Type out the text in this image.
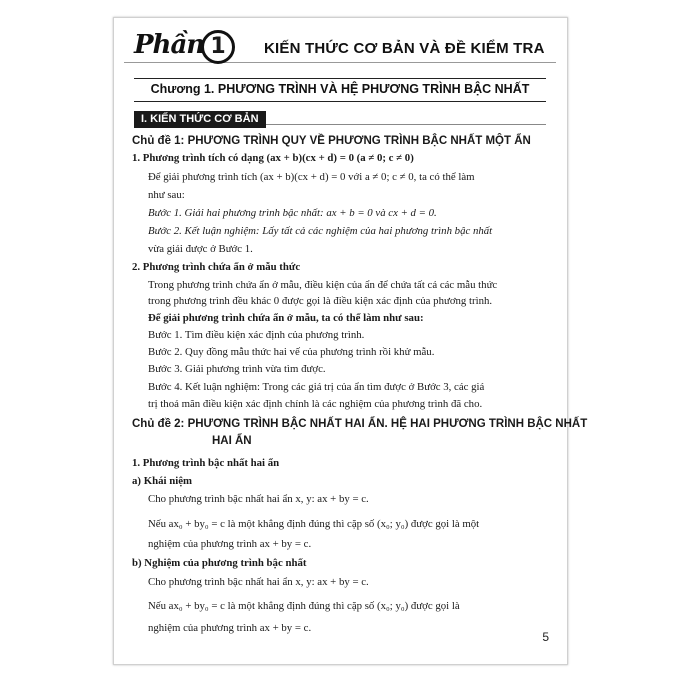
Phần 1	KIẾN THỨC CƠ BẢN VÀ ĐỀ KIỂM TRA
Chương 1. PHƯƠNG TRÌNH VÀ HỆ PHƯƠNG TRÌNH BẬC NHẤT
I. KIẾN THỨC CƠ BẢN
Chủ đề 1: PHƯƠNG TRÌNH QUY VỀ PHƯƠNG TRÌNH BẬC NHẤT MỘT ẨN
1. Phương trình tích có dạng (ax + b)(cx + d) = 0 (a ≠ 0; c ≠ 0)
Để giải phương trình tích (ax + b)(cx + d) = 0 với a ≠ 0; c ≠ 0, ta có thể làm
như sau:
Bước 1. Giải hai phương trình bậc nhất: ax + b = 0 và cx + d = 0.
Bước 2. Kết luận nghiệm: Lấy tất cả các nghiệm của hai phương trình bậc nhất
vừa giải được ở Bước 1.
2. Phương trình chứa ẩn ở mẫu thức
Trong phương trình chứa ẩn ở mẫu, điều kiện của ẩn để chứa tất cả các mẫu thức
trong phương trình đều khác 0 được gọi là điều kiện xác định của phương trình.
Để giải phương trình chứa ẩn ở mẫu, ta có thể làm như sau:
Bước 1. Tìm điều kiện xác định của phương trình.
Bước 2. Quy đồng mẫu thức hai vế của phương trình rồi khử mẫu.
Bước 3. Giải phương trình vừa tìm được.
Bước 4. Kết luận nghiệm: Trong các giá trị của ẩn tìm được ở Bước 3, các giá
trị thoả mãn điều kiện xác định chính là các nghiệm của phương trình đã cho.
Chủ đề 2: PHƯƠNG TRÌNH BẬC NHẤT HAI ẨN. HỆ HAI PHƯƠNG TRÌNH BẬC NHẤT
HAI ẨN
1. Phương trình bậc nhất hai ẩn
a) Khái niệm
Cho phương trình bậc nhất hai ẩn x, y: ax + by = c.
Nếu ax₀ + by₀ = c là một khẳng định đúng thì cặp số (x₀; y₀) được gọi là một
nghiệm của phương trình ax + by = c.
b) Nghiệm của phương trình bậc nhất
Cho phương trình bậc nhất hai ẩn x, y: ax + by = c.
Nếu ax₀ + by₀ = c là một khẳng định đúng thì cặp số (x₀; y₀) được gọi là
nghiệm của phương trình ax + by = c.
5
